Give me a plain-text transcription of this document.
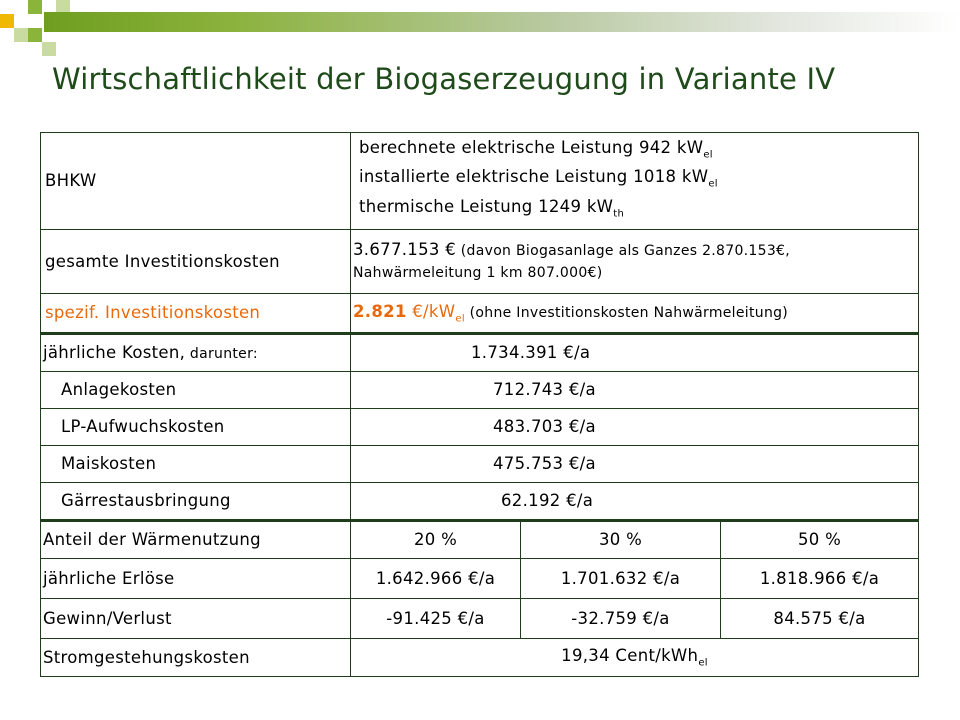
Wirtschaftlichkeit der Biogaserzeugung in Variante IV
BHKW	berechnete elektrische Leistung 942 $kW_{el}$
installierte elektrische Leistung 1018 $kW_{el}$
thermische Leistung 1249 $kW_{th}$

gesamte Investitionskosten	3.677.153 € (davon Biogasanlage als Ganzes 2.870.153€,
Nahwärmeleitung 1 km 807.000€)		

spezif. Investitionskosten	2.821 $€/kW_{el}$ (ohne Investitionskosten Nahwärmeleitung)		
jährliche Kosten, darunter:	1.734.391 €/a		
Anlagekosten	712.743 €/a		
LP-Aufwuchskosten	483.703 €/a		
Maiskosten	475.753 €/a		
Gärrestausbringung	62.192 €/a		
Anteil der Wärmenutzung	20 %	30 %	50 %
jährliche Erlöse	1.642.966 €/a	1.701.632 €/a	1.818.966 €/a
Gewinn/Verlust	-91.425 €/a	-32.759 €/a	84.575 €/a
Stromgestehungskosten	19,34 Cent/kWh$_{el}$
